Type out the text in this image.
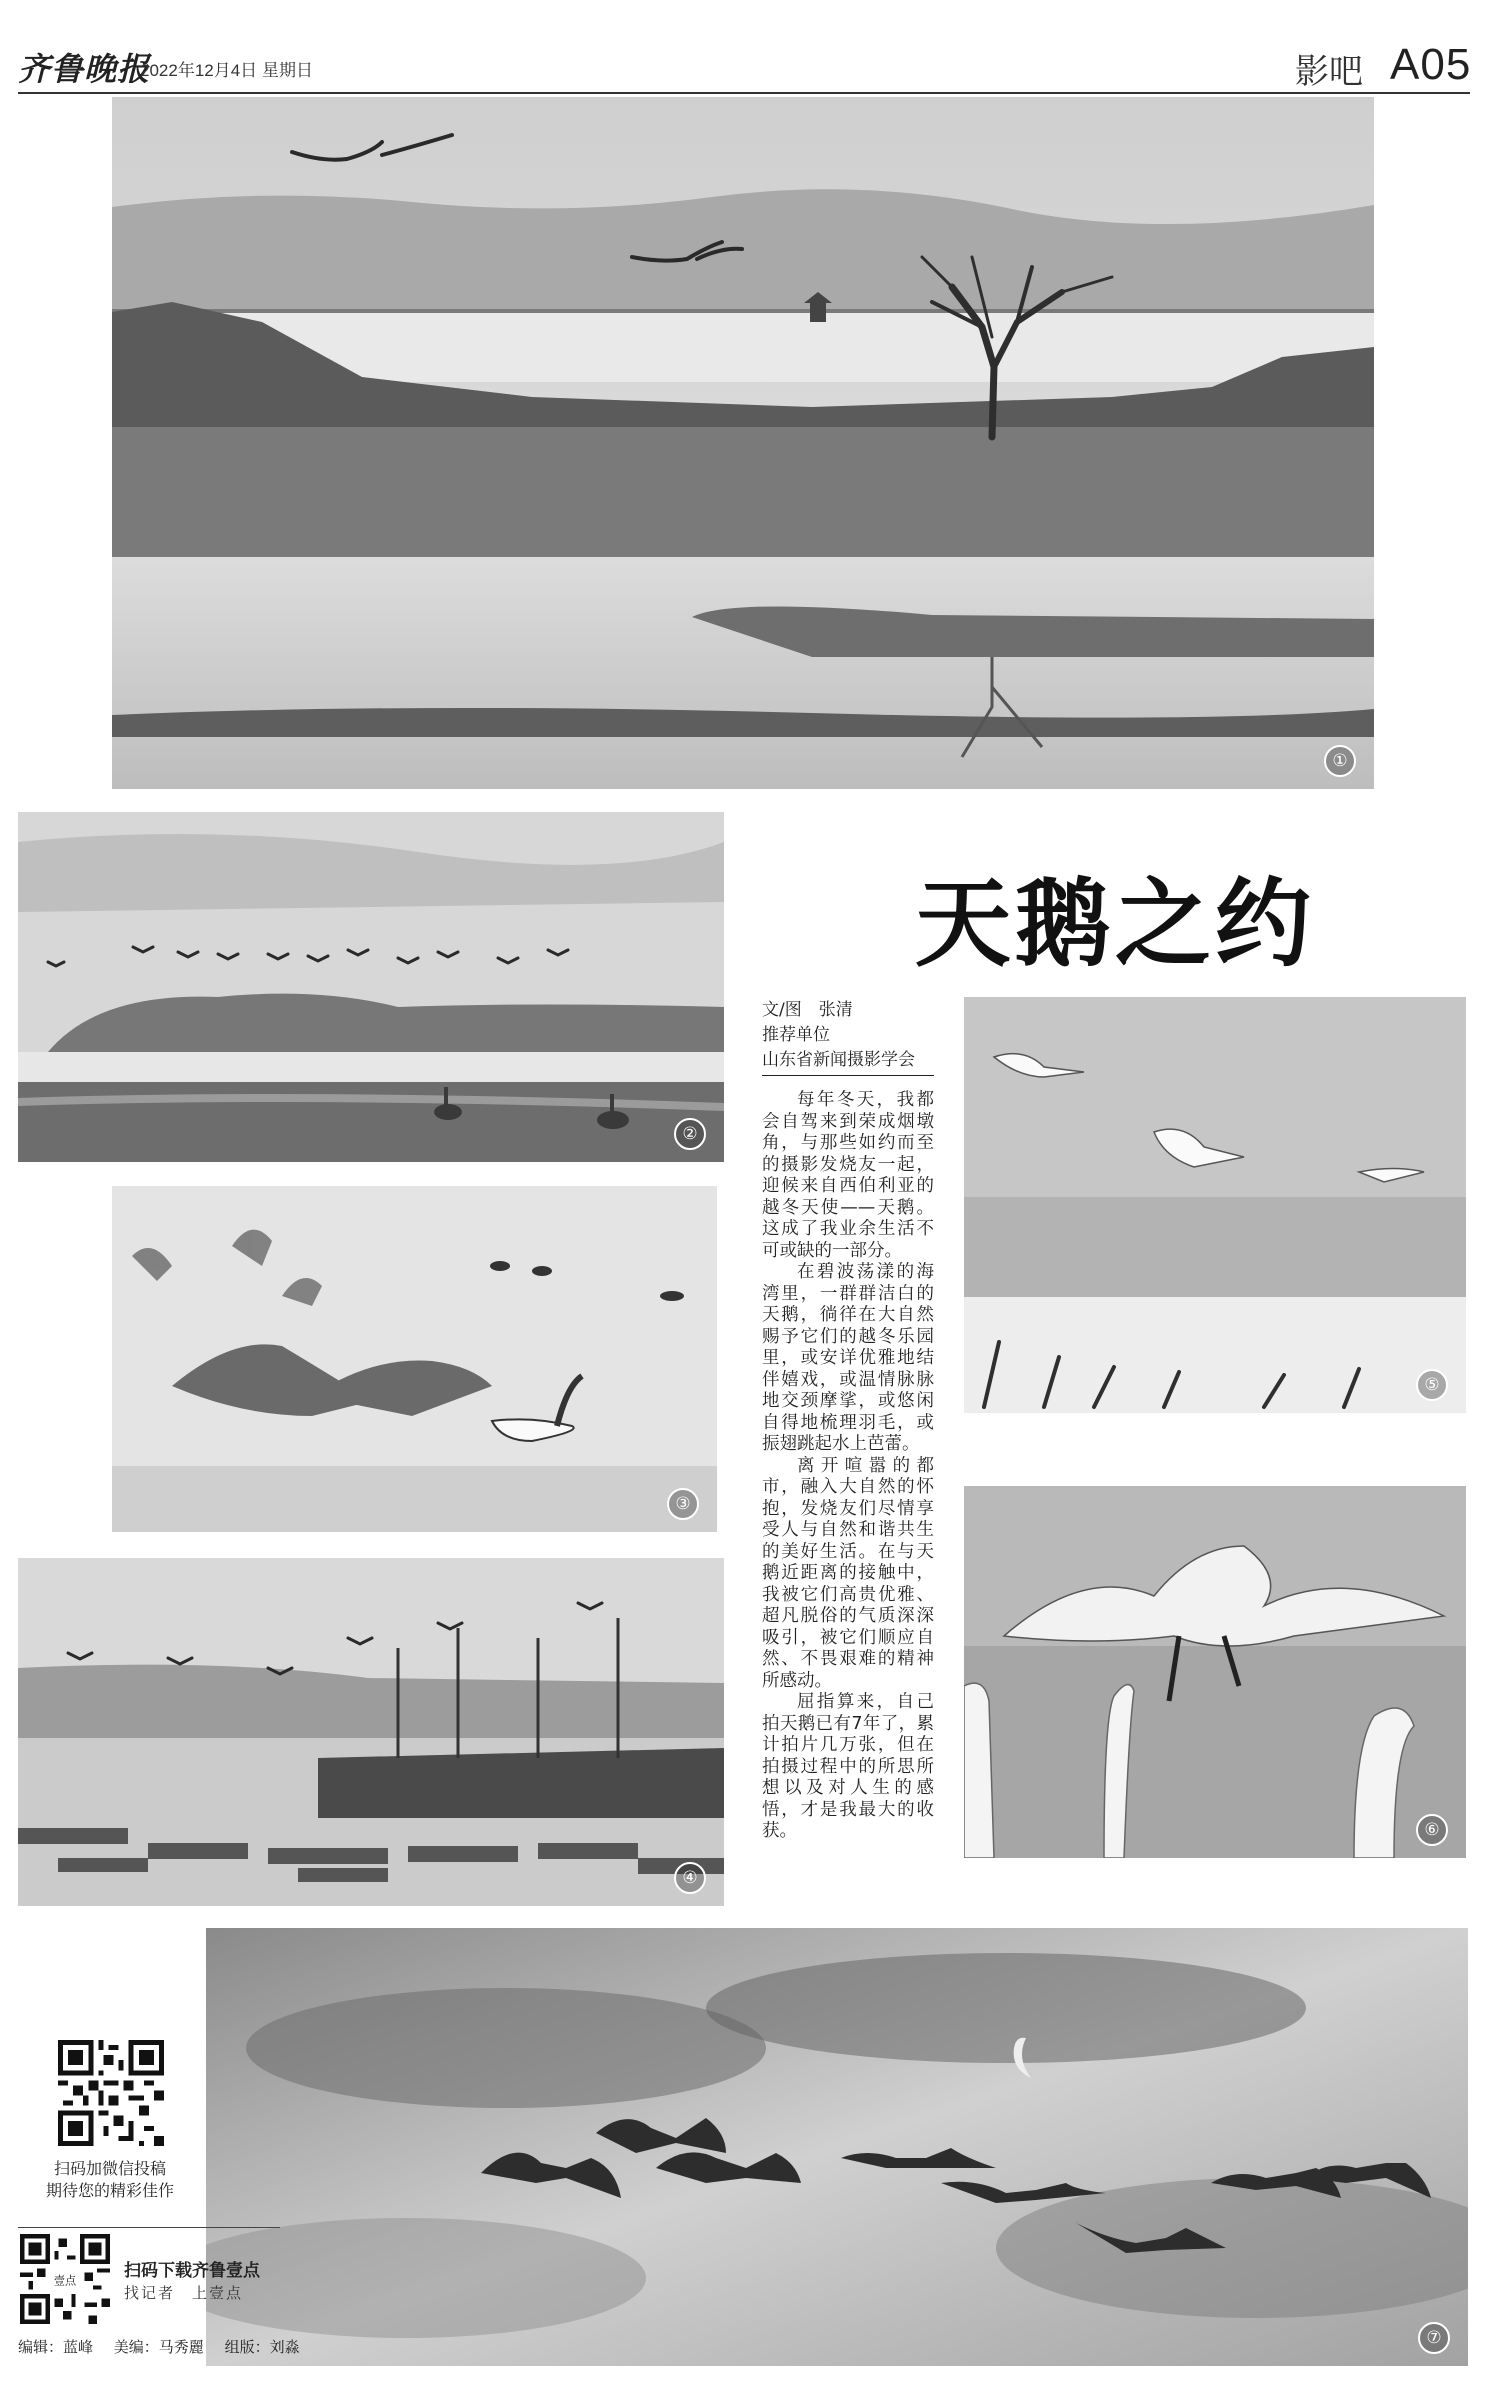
齐鲁晚报
2022年12月4日 星期日	影吧 A05
①
②
③
④
天鹅之约
文/图　张清
推荐单位
山东省新闻摄影学会

每年冬天，我都会自驾来到荣成烟墩角，与那些如约而至的摄影发烧友一起，迎候来自西伯利亚的越冬天使——天鹅。这成了我业余生活不可或缺的一部分。

在碧波荡漾的海湾里，一群群洁白的天鹅，徜徉在大自然赐予它们的越冬乐园里，或安详优雅地结伴嬉戏，或温情脉脉地交颈摩挲，或悠闲自得地梳理羽毛，或振翅跳起水上芭蕾。

离开喧嚣的都市，融入大自然的怀抱，发烧友们尽情享受人与自然和谐共生的美好生活。在与天鹅近距离的接触中，我被它们高贵优雅、超凡脱俗的气质深深吸引，被它们顺应自然、不畏艰难的精神所感动。

屈指算来，自己拍天鹅已有7年了，累计拍片几万张，但在拍摄过程中的所思所想以及对人生的感悟，才是我最大的收获。

⑤
⑥
⑦
扫码加微信投稿
期待您的精彩佳作
壹点
扫码下载齐鲁壹点
找记者　上壹点
编辑：蓝峰 美编：马秀麗 组版：刘淼
